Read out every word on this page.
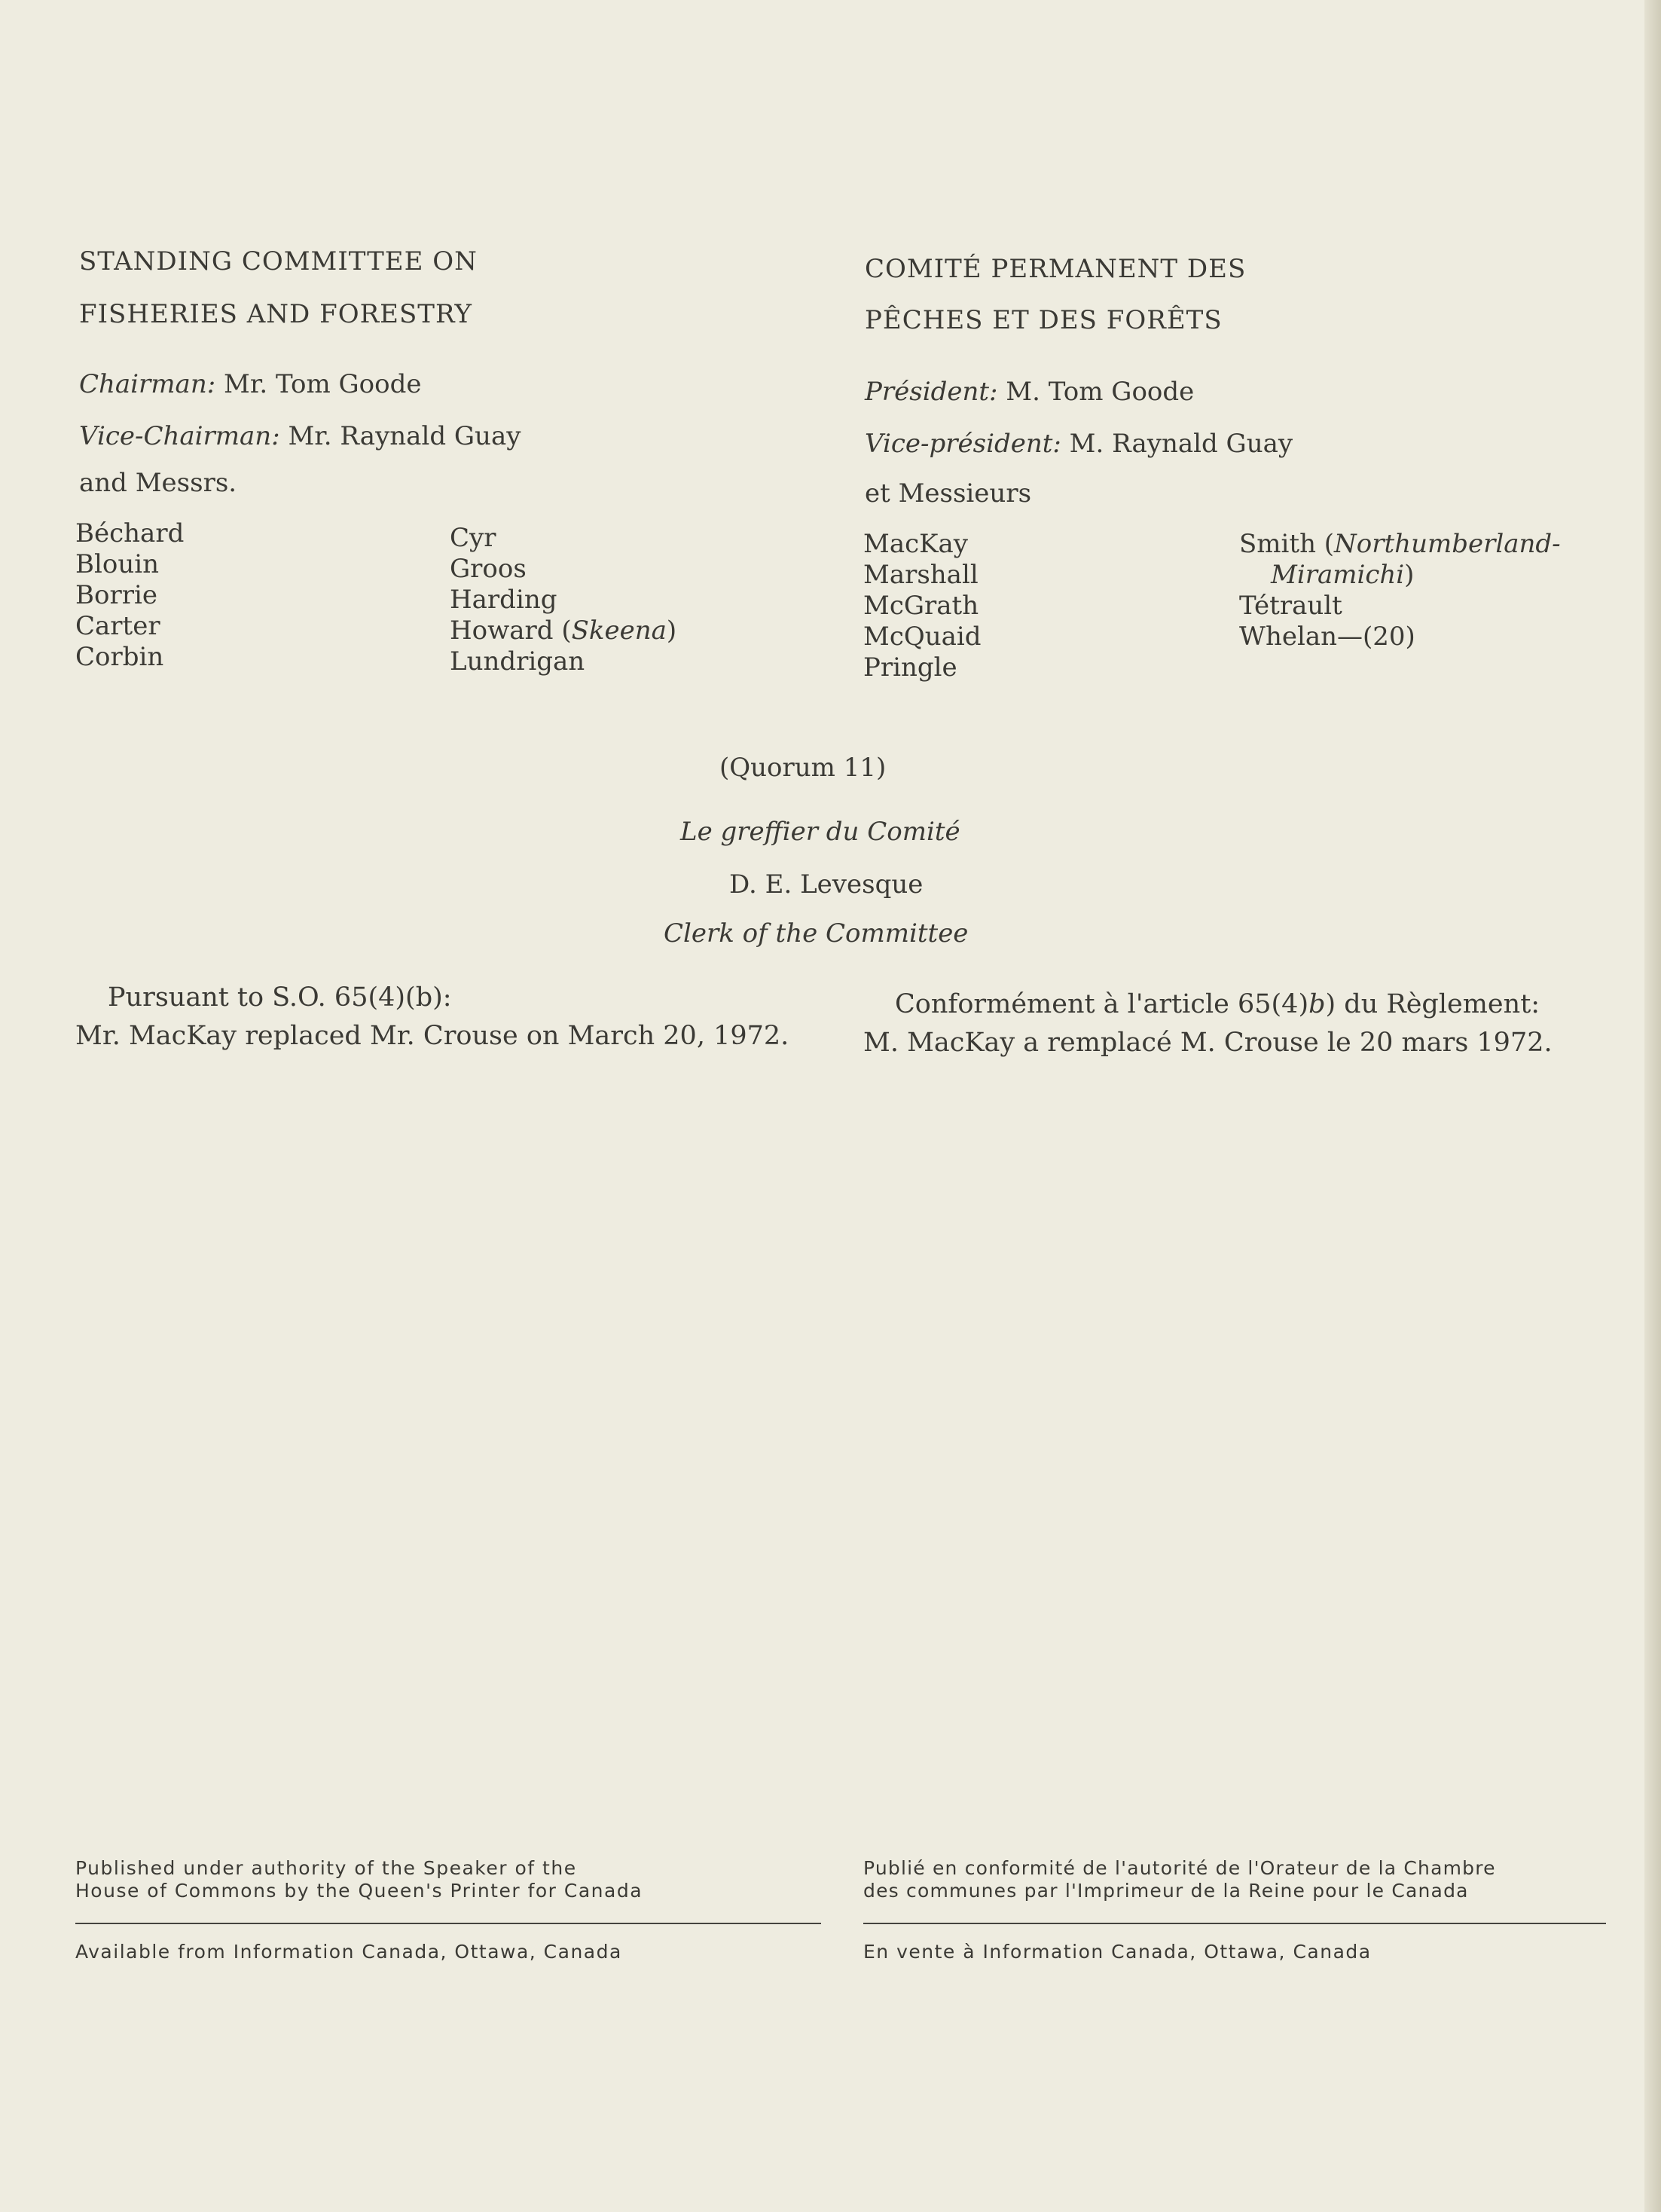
STANDING COMMITTEE ON
FISHERIES AND FORESTRY
COMITÉ PERMANENT DES
PÊCHES ET DES FORÊTS
Chairman: Mr. Tom Goode
Vice-Chairman: Mr. Raynald Guay
and Messrs.
Président: M. Tom Goode
Vice-président: M. Raynald Guay
et Messieurs
Béchard
Blouin
Borrie
Carter
Corbin
Cyr
Groos
Harding
Howard (Skeena)
Lundrigan
MacKay
Marshall
McGrath
McQuaid
Pringle
Smith (Northumberland-
Miramichi)
Tétrault
Whelan—(20)
(Quorum 11)
Le greffier du Comité
D. E. Levesque
Clerk of the Committee
Pursuant to S.O. 65(4)(b):
Mr. MacKay replaced Mr. Crouse on March 20, 1972.
Conformément à l'article 65(4)b) du Règlement:
M. MacKay a remplacé M. Crouse le 20 mars 1972.
Published under authority of the Speaker of the
House of Commons by the Queen's Printer for Canada
Available from Information Canada, Ottawa, Canada
Publié en conformité de l'autorité de l'Orateur de la Chambre
des communes par l'Imprimeur de la Reine pour le Canada
En vente à Information Canada, Ottawa, Canada
